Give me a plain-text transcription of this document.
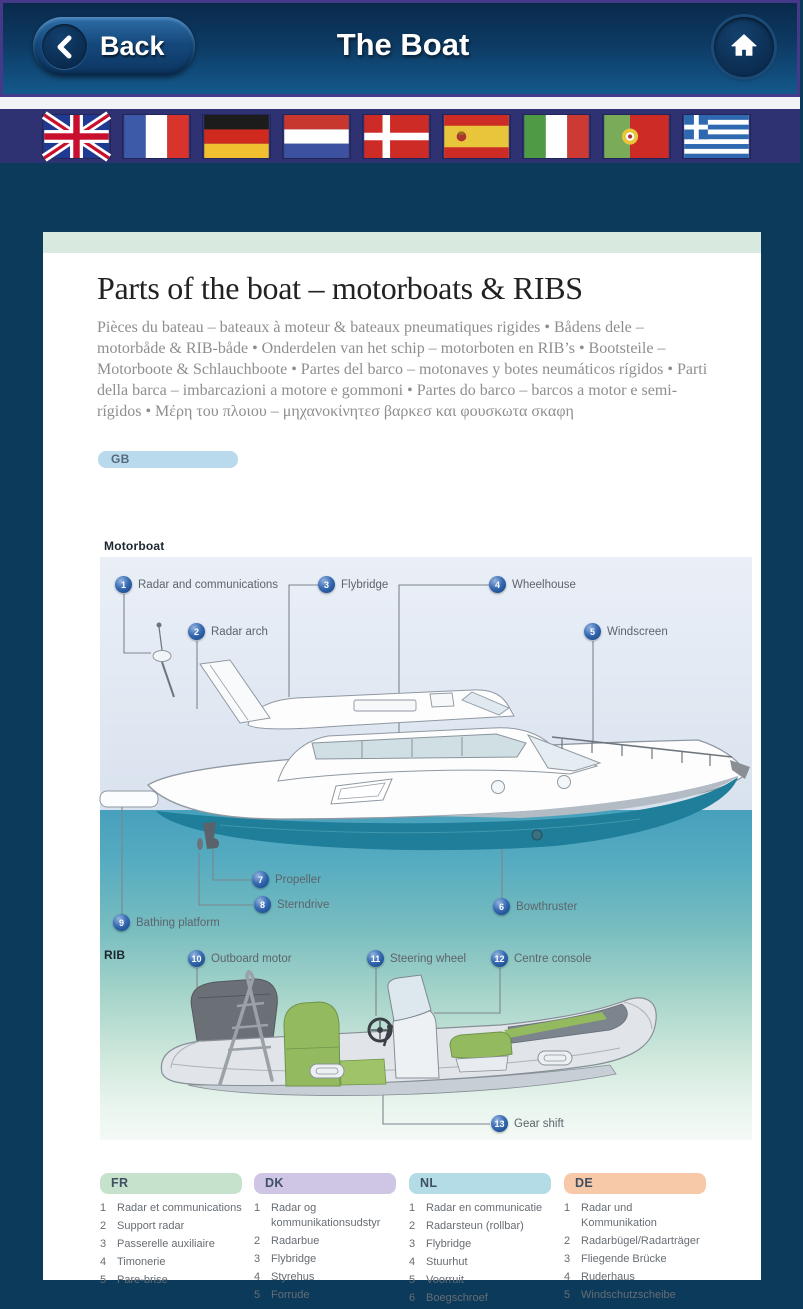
Back	The Boat
Parts of the boat – motorboats & RIBS
Pièces du bateau – bateaux à moteur & bateaux pneumatiques rigides • Bådens dele – motorbåde & RIB-både • Onderdelen van het schip – motorboten en RIB’s • Bootsteile – Motorboote & Schlauchboote • Partes del barco – motonaves y botes neumáticos rígidos • Parti della barca – imbarcazioni a motore e gommoni • Partes do barco – barcos a motor e semi-rígidos • Μέρη του πλοιου – μηχανοκίνητεσ βαρκεσ και φουσκωτα σκαφη
GB
Motorboat
RIB
1	Radar and communications
2	Radar arch
3	Flybridge	4	Wheelhouse
5	Windscreen
6	Bowthruster
7	Propeller
8	Sterndrive
9	Bathing platform
10 Outboard motor	11 Steering wheel	12 Centre console
13 Gear shift
FR
1 Radar et communications
2 Support radar
3 Passerelle auxiliaire
4 Timonerie
5 Pare-brise
DK
1 Radar og kommunikationsudstyr
2 Radarbue
3 Flybridge
4 Styrehus
5 Forrude
NL
1 Radar en communicatie
2 Radarsteun (rollbar)
3 Flybridge
4 Stuurhut
5 Voorruit
6 Boegschroef
DE
1 Radar und Kommunikation
2 Radarbügel/Radarträger
3 Fliegende Brücke
4 Ruderhaus
5 Windschutzscheibe
